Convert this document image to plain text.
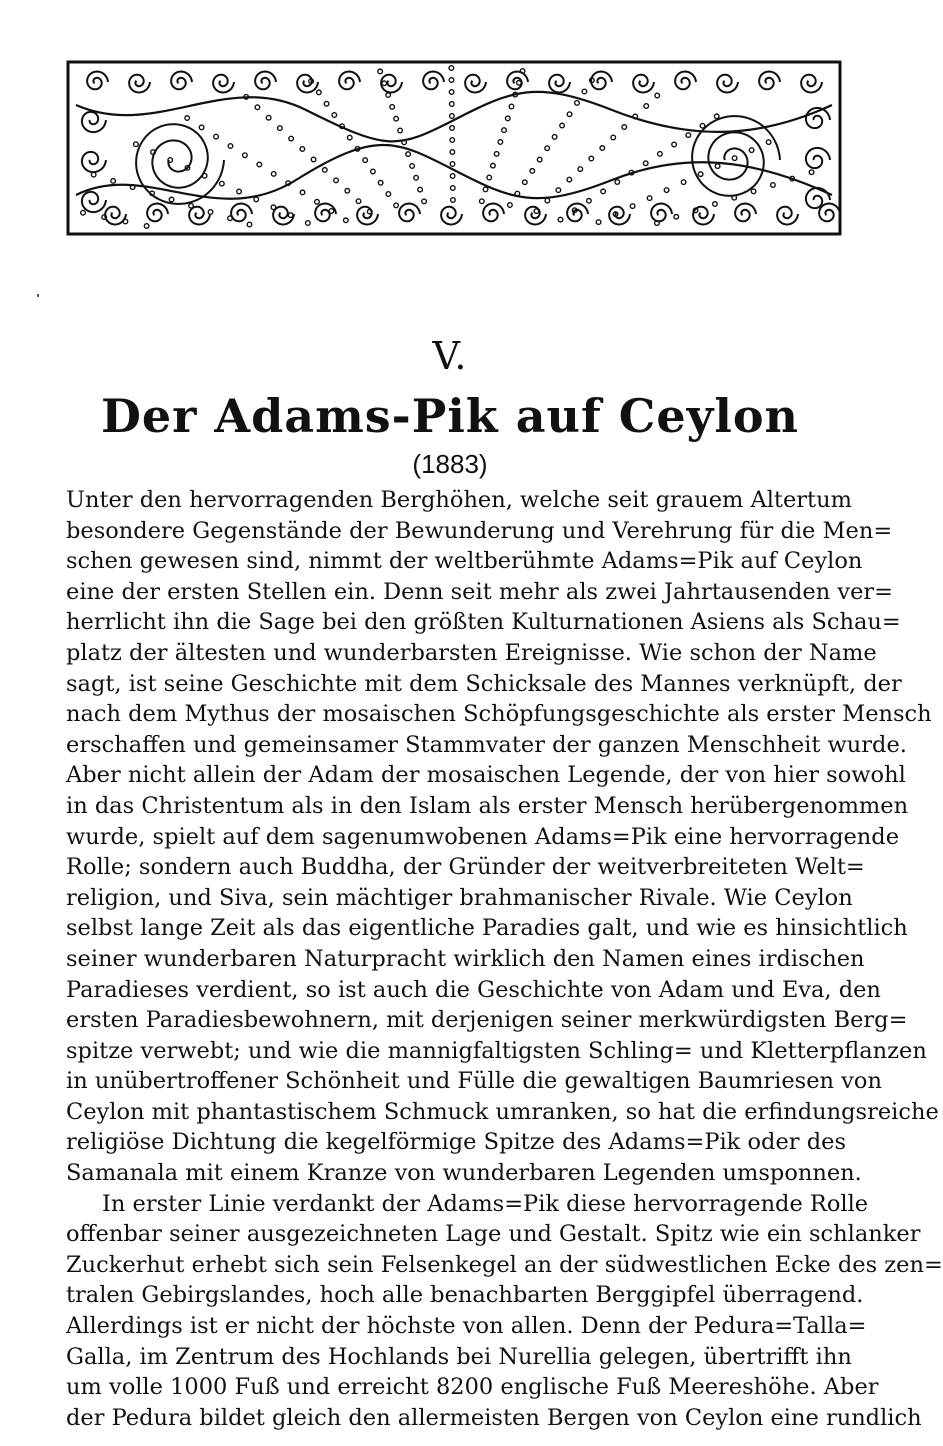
V.
Der Adams-Pik auf Ceylon
(1883)
Unter den hervorragenden Berghöhen, welche seit grauem Altertum
besondere Gegenstände der Bewunderung und Verehrung für die Men=
schen gewesen sind, nimmt der weltberühmte Adams=Pik auf Ceylon
eine der ersten Stellen ein. Denn seit mehr als zwei Jahrtausenden ver=
herrlicht ihn die Sage bei den größten Kulturnationen Asiens als Schau=
platz der ältesten und wunderbarsten Ereignisse. Wie schon der Name
sagt, ist seine Geschichte mit dem Schicksale des Mannes verknüpft, der
nach dem Mythus der mosaischen Schöpfungsgeschichte als erster Mensch
erschaffen und gemeinsamer Stammvater der ganzen Menschheit wurde.
Aber nicht allein der Adam der mosaischen Legende, der von hier sowohl
in das Christentum als in den Islam als erster Mensch herübergenommen
wurde, spielt auf dem sagenumwobenen Adams=Pik eine hervorragende
Rolle; sondern auch Buddha, der Gründer der weitverbreiteten Welt=
religion, und Siva, sein mächtiger brahmanischer Rivale. Wie Ceylon
selbst lange Zeit als das eigentliche Paradies galt, und wie es hinsichtlich
seiner wunderbaren Naturpracht wirklich den Namen eines irdischen
Paradieses verdient, so ist auch die Geschichte von Adam und Eva, den
ersten Paradiesbewohnern, mit derjenigen seiner merkwürdigsten Berg=
spitze verwebt; und wie die mannigfaltigsten Schling= und Kletterpflanzen
in unübertroffener Schönheit und Fülle die gewaltigen Baumriesen von
Ceylon mit phantastischem Schmuck umranken, so hat die erfindungsreiche
religiöse Dichtung die kegelförmige Spitze des Adams=Pik oder des
Samanala mit einem Kranze von wunderbaren Legenden umsponnen.
In erster Linie verdankt der Adams=Pik diese hervorragende Rolle
offenbar seiner ausgezeichneten Lage und Gestalt. Spitz wie ein schlanker
Zuckerhut erhebt sich sein Felsenkegel an der südwestlichen Ecke des zen=
tralen Gebirgslandes, hoch alle benachbarten Berggipfel überragend.
Allerdings ist er nicht der höchste von allen. Denn der Pedura=Talla=
Galla, im Zentrum des Hochlands bei Nurellia gelegen, übertrifft ihn
um volle 1000 Fuß und erreicht 8200 englische Fuß Meereshöhe. Aber
der Pedura bildet gleich den allermeisten Bergen von Ceylon eine rundlich
